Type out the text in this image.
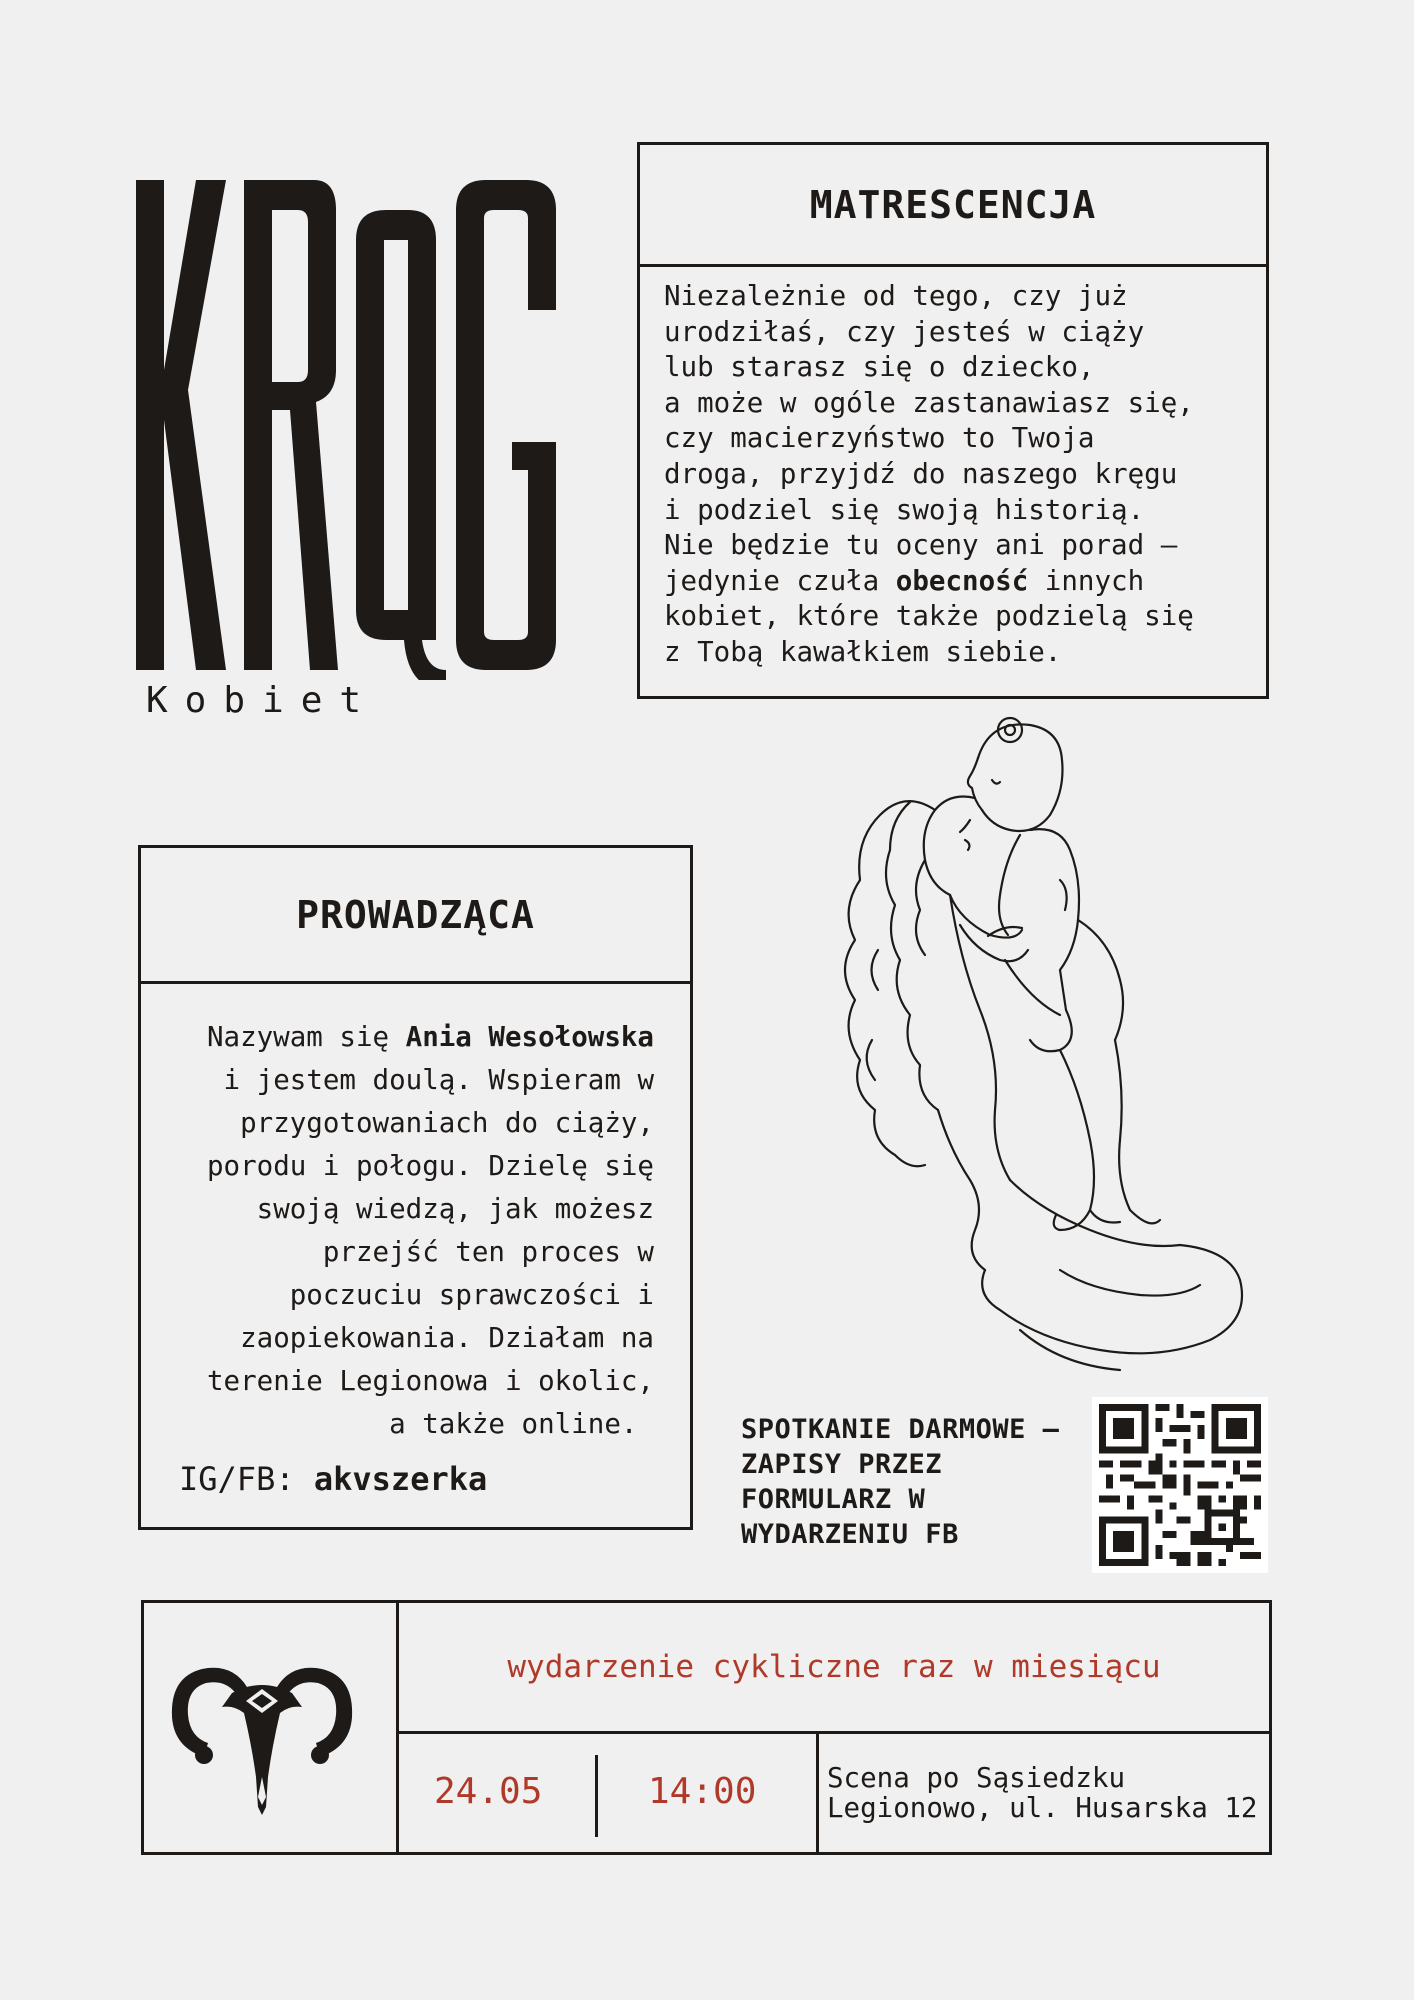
Kobiet
MATRESCENCJA
Niezależnie od tego, czy już
urodziłaś, czy jesteś w ciąży
lub starasz się o dziecko,
a może w ogóle zastanawiasz się,
czy macierzyństwo to Twoja
droga, przyjdź do naszego kręgu
i podziel się swoją historią.
Nie będzie tu oceny ani porad –
jedynie czuła obecność innych
kobiet, które także podzielą się
z Tobą kawałkiem siebie.
PROWADZĄCA
Nazywam się Ania Wesołowska
i jestem doulą. Wspieram w
przygotowaniach do ciąży,
porodu i połogu. Dzielę się
swoją wiedzą, jak możesz
przejść ten proces w
poczuciu sprawczości i
zaopiekowania. Działam na
terenie Legionowa i okolic,
a także online.
IG/FB: akvszerka
SPOTKANIE DARMOWE –
ZAPISY PRZEZ
FORMULARZ W
WYDARZENIU FB
wydarzenie cykliczne raz w miesiącu
24.05	14:00	Scena po Sąsiedzku
Legionowo, ul. Husarska 12
